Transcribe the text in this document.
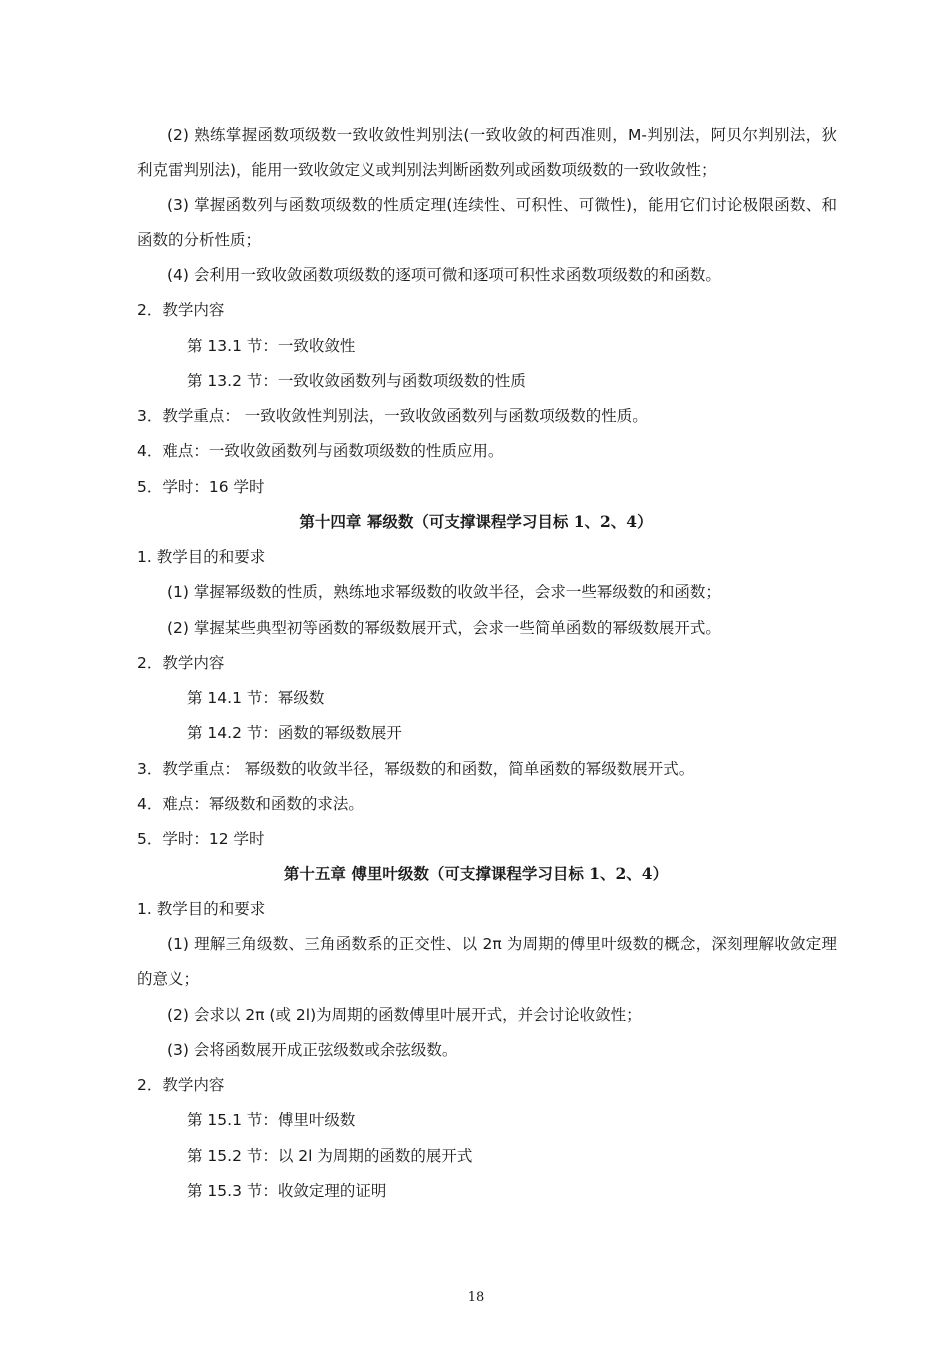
(2) 熟练掌握函数项级数一致收敛性判别法(一致收敛的柯西准则，M-判别法，阿贝尔判别法，狄利克雷判别法)，能用一致收敛定义或判别法判断函数列或函数项级数的一致收敛性；
(3) 掌握函数列与函数项级数的性质定理(连续性、可积性、可微性)，能用它们讨论极限函数、和函数的分析性质；
(4) 会利用一致收敛函数项级数的逐项可微和逐项可积性求函数项级数的和函数。
2．教学内容
第 13.1 节：一致收敛性
第 13.2 节：一致收敛函数列与函数项级数的性质
3．教学重点： 一致收敛性判别法，一致收敛函数列与函数项级数的性质。
4．难点：一致收敛函数列与函数项级数的性质应用。
5．学时：16 学时
第十四章 幂级数（可支撑课程学习目标 1、2、4）
1. 教学目的和要求
(1) 掌握幂级数的性质，熟练地求幂级数的收敛半径，会求一些幂级数的和函数；
(2) 掌握某些典型初等函数的幂级数展开式，会求一些简单函数的幂级数展开式。
2．教学内容
第 14.1 节：幂级数
第 14.2 节：函数的幂级数展开
3．教学重点： 幂级数的收敛半径，幂级数的和函数，简单函数的幂级数展开式。
4．难点：幂级数和函数的求法。
5．学时：12 学时
第十五章 傅里叶级数（可支撑课程学习目标 1、2、4）
1. 教学目的和要求
(1) 理解三角级数、三角函数系的正交性、以 2π 为周期的傅里叶级数的概念，深刻理解收敛定理的意义；
(2) 会求以 2π (或 2l)为周期的函数傅里叶展开式，并会讨论收敛性；
(3) 会将函数展开成正弦级数或余弦级数。
2．教学内容
第 15.1 节：傅里叶级数
第 15.2 节：以 2l 为周期的函数的展开式
第 15.3 节：收敛定理的证明
18
